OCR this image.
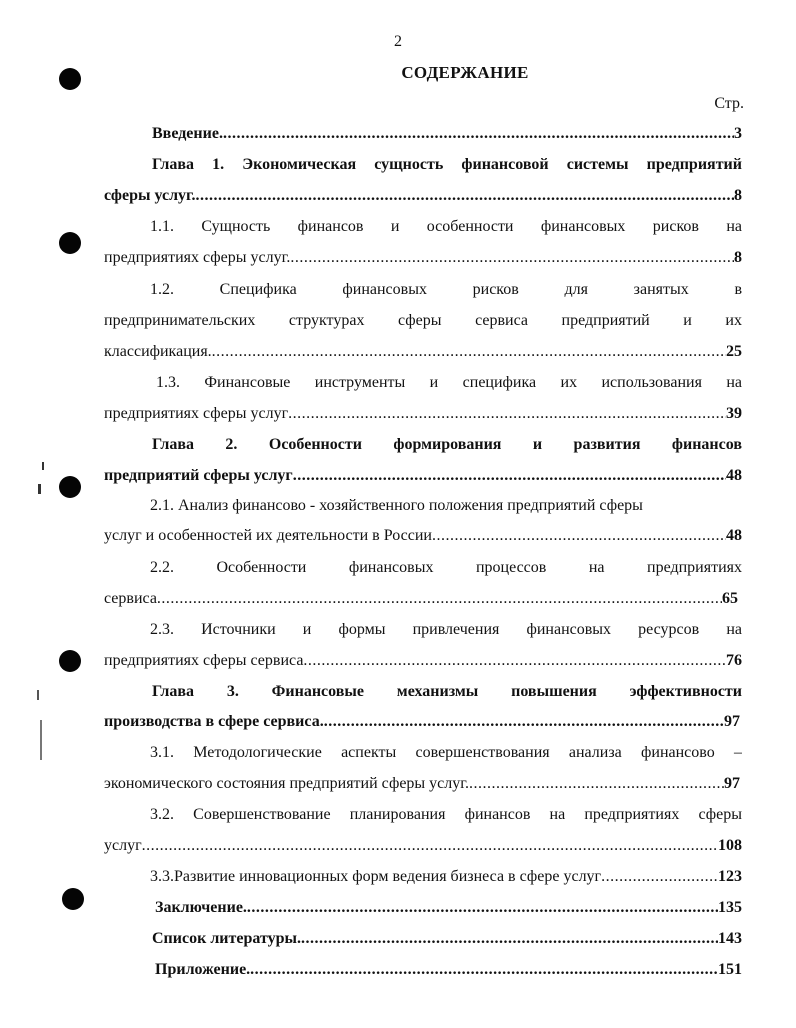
2
СОДЕРЖАНИЕ
Стр.
Введение. .....	3
Глава 1. Экономическая сущность финансовой системы предприятий
сферы услуг. .....	8
1.1. Сущность финансов и особенности финансовых рисков на
предприятиях сферы услуг. .....	8
1.2. Специфика финансовых рисков для занятых в
предпринимательских структурах сферы сервиса предприятий и их
классификация. .....	25
1.3. Финансовые инструменты и специфика их использования на
предприятиях сферы услуг .....	39
Глава 2. Особенности формирования и развития финансов
предприятий сферы услуг .....	48
2.1. Анализ финансово - хозяйственного положения предприятий сферы
услуг и особенностей их деятельности в России .....	48
2.2. Особенности финансовых процессов на предприятиях
сервиса .....	65
2.3. Источники и формы привлечения финансовых ресурсов на
предприятиях сферы сервиса .....	76
Глава 3. Финансовые механизмы повышения эффективности
производства в сфере сервиса. .....	97
3.1. Методологические аспекты совершенствования анализа финансово –
экономического состояния предприятий сферы услуг. .....	97
3.2. Совершенствование планирования финансов на предприятиях сферы
услуг .....	108
3.3.Развитие инновационных форм ведения бизнеса в сфере услуг .....	123
Заключение. .....	135
Список литературы. .....	143
Приложение. .....	151
